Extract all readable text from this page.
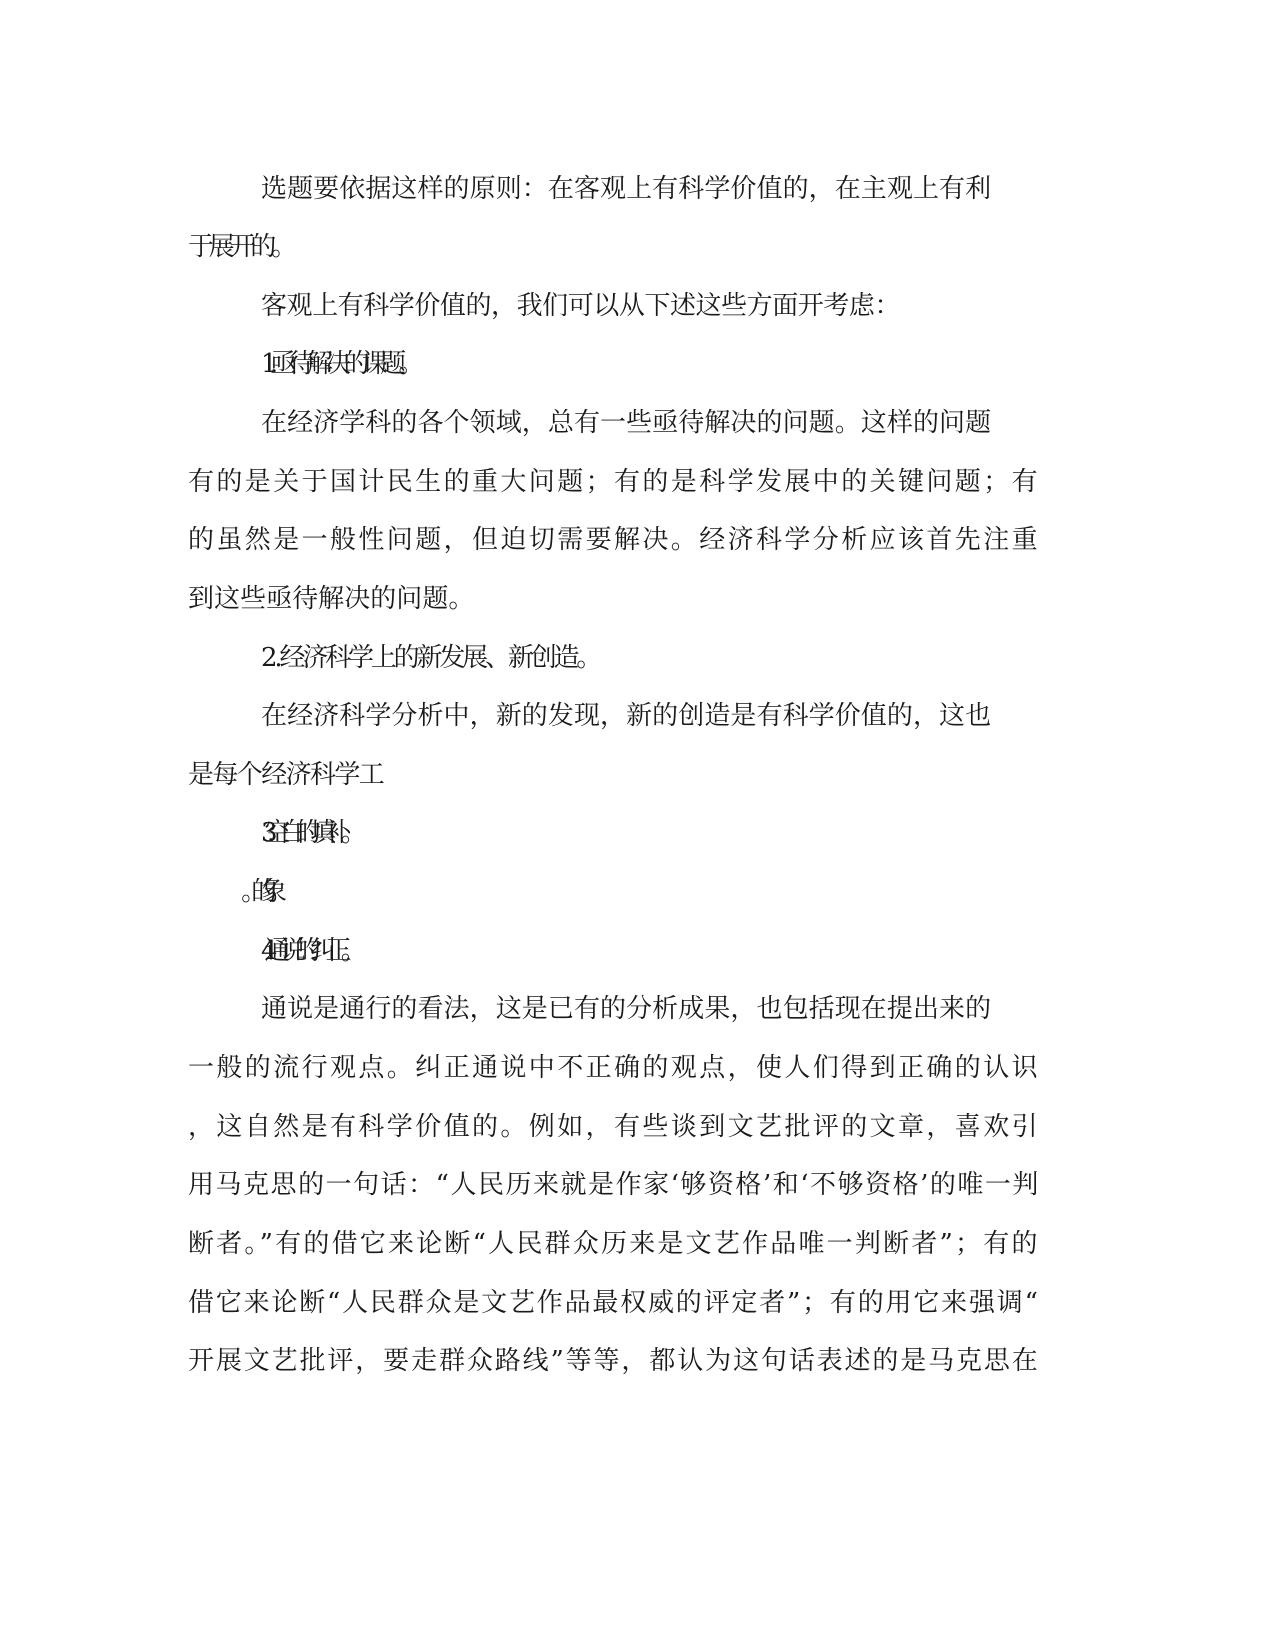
选题要依据这样的原则：在客观上有科学价值的，在主观上有利
于展开的。
客观上有科学价值的，我们可以从下述这些方面开考虑：
1.亟待解决的课题。
在经济学科的各个领域，总有一些亟待解决的问题。这样的问题
有的是关于国计民生的重大问题；有的是科学发展中的关键问题；有
的虽然是一般性问题，但迫切需要解决。经济科学分析应该首先注重
到这些亟待解决的问题。
2.经济科学上的新发展、新创造。
在经济科学分析中，新的发现，新的创造是有科学价值的，这也
是每个经济科学工
3.空白的填补。
4.通说的纠正。
通说是通行的看法，这是已有的分析成果，也包括现在提出来的
一般的流行观点。纠正通说中不正确的观点，使人们得到正确的认识
，这自然是有科学价值的。例如，有些谈到文艺批评的文章，喜欢引
用马克思的一句话：“人民历来就是作家‘够资格’和‘不够资格’的唯一判
断者。”有的借它来论断“人民群众历来是文艺作品唯一判断者”；有的
借它来论断“人民群众是文艺作品最权威的评定者”；有的用它来强调“
开展文艺批评，要走群众路线”等等，都认为这句话表述的是马克思在
